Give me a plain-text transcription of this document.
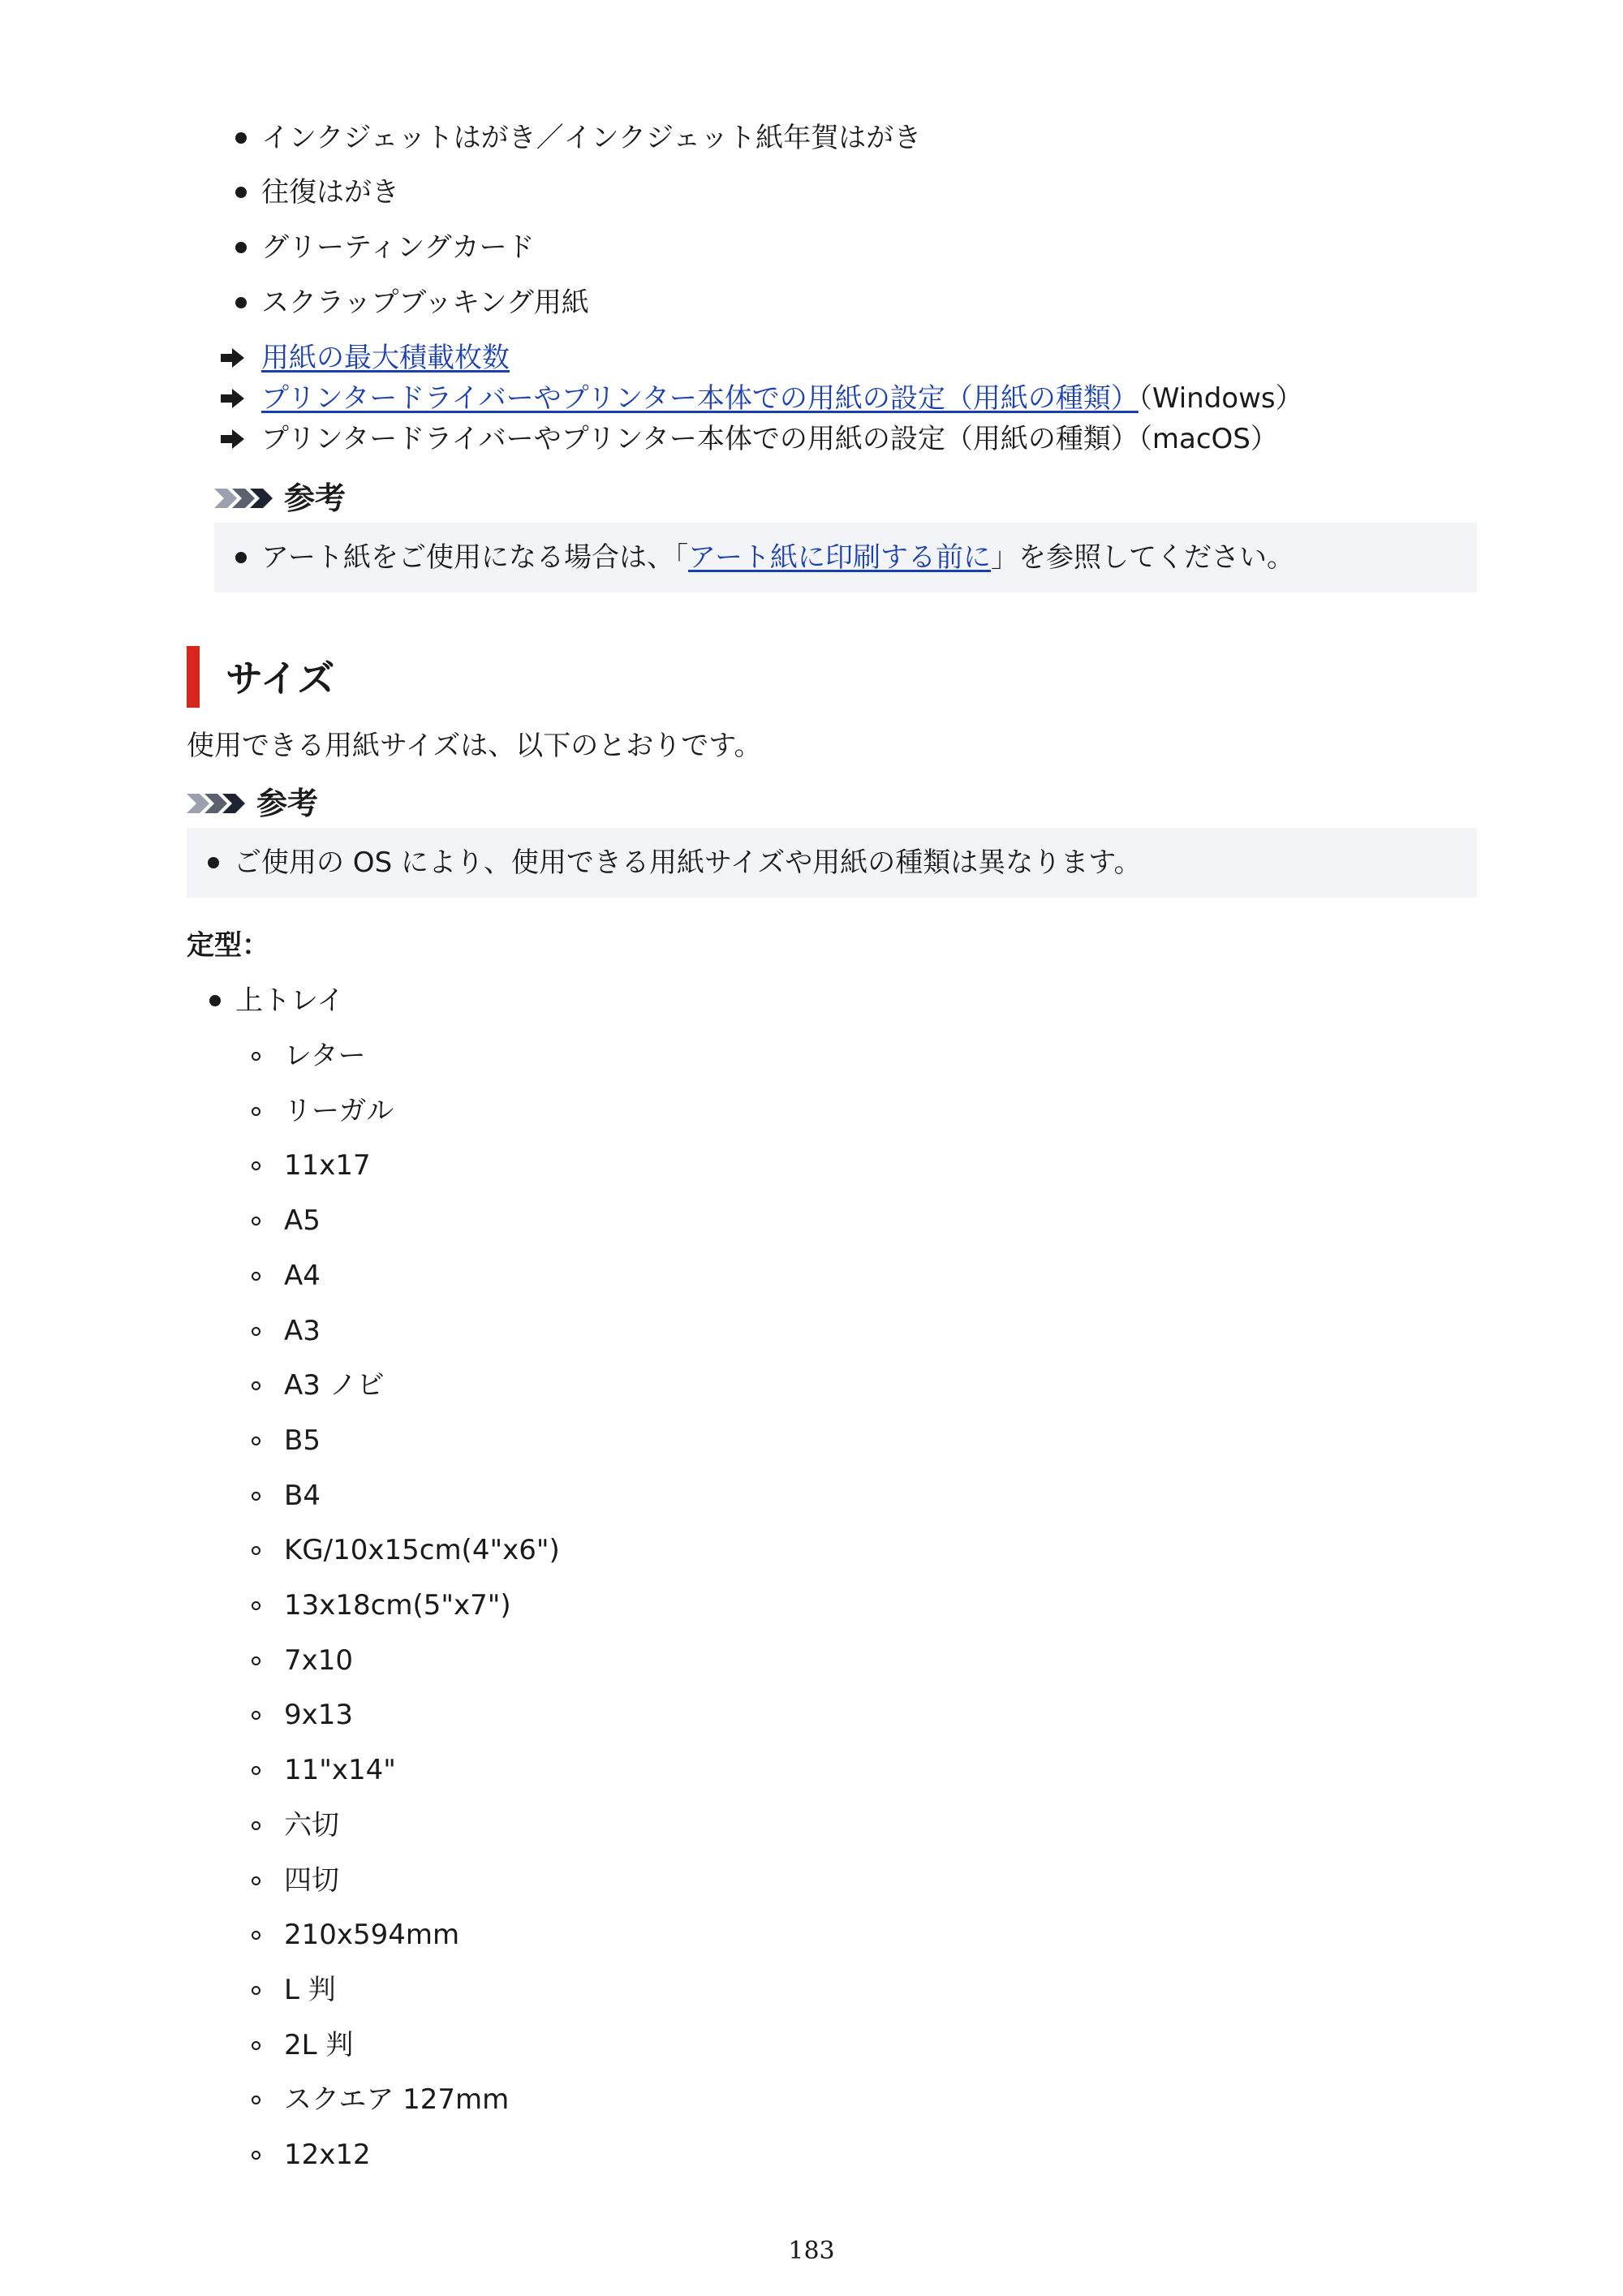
インクジェットはがき／インクジェット紙年賀はがき
往復はがき
グリーティングカード
スクラップブッキング用紙
用紙の最大積載枚数
プリンタードライバーやプリンター本体での用紙の設定（用紙の種類）（Windows）
プリンタードライバーやプリンター本体での用紙の設定（用紙の種類）（macOS）
参考
アート紙をご使用になる場合は、「アート紙に印刷する前に」を参照してください。
サイズ
使用できる用紙サイズは、以下のとおりです。
参考
ご使用の OS により、使用できる用紙サイズや用紙の種類は異なります。
定型：
上トレイ
レター
リーガル
11x17
A5
A4
A3
A3 ノビ
B5
B4
KG/10x15cm(4"x6")
13x18cm(5"x7")
7x10
9x13
11"x14"
六切
四切
210x594mm
L 判
2L 判
スクエア 127mm
12x12
183
